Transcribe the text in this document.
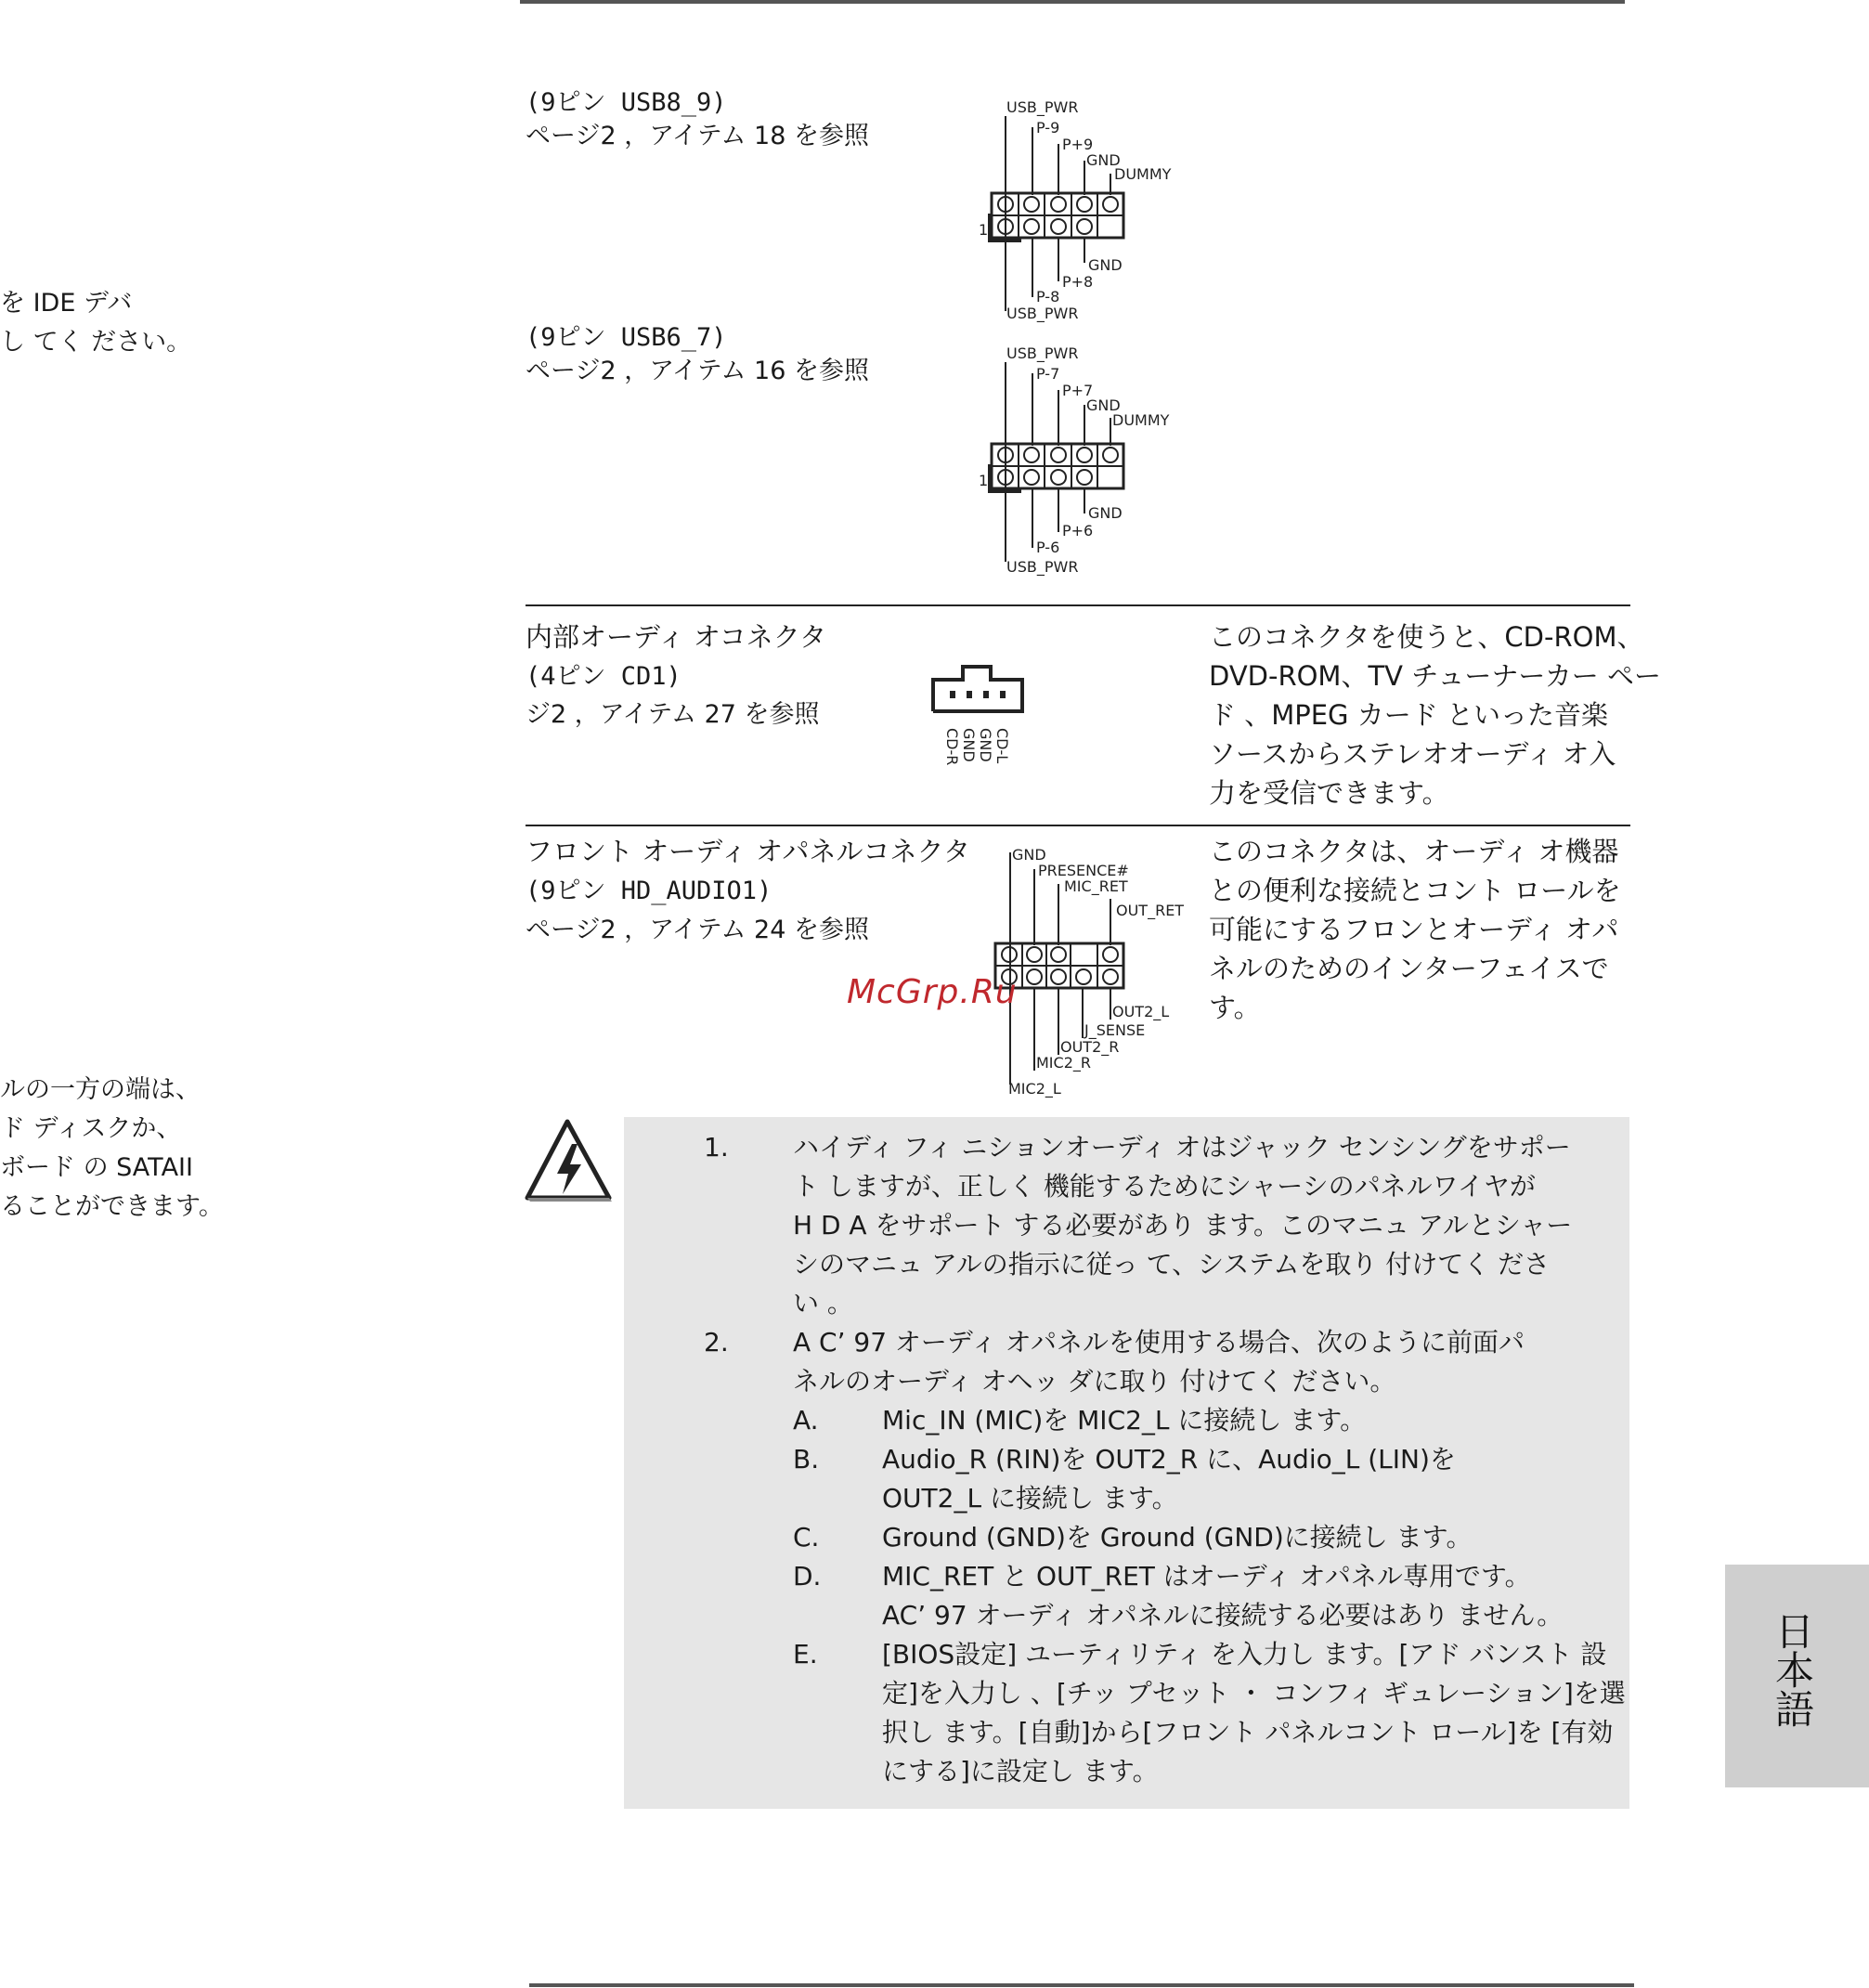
を IDE デバ
し てく ださい。
ルの一方の端は、
ド ディスクか、
ボード の SATAII
ることができます。
(9ピン USB8_9)
ページ2 ，アイテム 18 を参照
USB_PWR
P-9
P+9
GND
DUMMY
GND
P+8
P-8
USB_PWR
1
(9ピン USB6_7)
ページ2 ，アイテム 16 を参照
USB_PWR
P-7
P+7
GND
DUMMY
GND
P+6
P-6
USB_PWR
1
内部オーディ オコネクタ
(4ピン CD1)
ジ2 ，アイテム 27 を参照
CD-R GND GND CD-L
このコネクタを使うと、CD-ROM、
DVD-ROM、TV チューナーカー ペー
ド 、MPEG カード といった音楽
ソースからステレオオーディ オ入
力を受信できます。
フロント オーディ オパネルコネクタ
(9ピン HD_AUDIO1)
ページ2 ，アイテム 24 を参照
GND
PRESENCE#
MIC_RET
OUT_RET
OUT2_L
J_SENSE
OUT2_R
MIC2_R
MIC2_L
このコネクタは、オーディ オ機器
との便利な接続とコント ロールを
可能にするフロンとオーディ オパ
ネルのためのインターフェイスで
す。
McGrp.Ru
1. ハイディ フィ ニションオーディ オはジャック センシングをサポー
ト しますが、正しく 機能するためにシャーシのパネルワイヤが
H D A をサポート する必要があり ます。このマニュ アルとシャー
シのマニュ アルの指示に従っ て、システムを取り 付けてく ださ
い 。
2. A C’ 97 オーディ オパネルを使用する場合、次のように前面パ
ネルのオーディ オヘッ ダに取り 付けてく ださい。
A. Mic_IN (MIC)を MIC2_L に接続し ます。
B. Audio_R (RIN)を OUT2_R に、Audio_L (LIN)を
OUT2_L に接続し ます。
C. Ground (GND)を Ground (GND)に接続し ます。
D. MIC_RET と OUT_RET はオーディ オパネル専用です。
AC’ 97 オーディ オパネルに接続する必要はあり ません。
E. [BIOS設定] ユーティリティ を入力し ます。[アド バンスト 設
定]を入力し 、[チッ プセット ・ コンフィ ギュレーション]を選
択し ます。[自動]から[フロント パネルコント ロール]を [有効
にする]に設定し ます。
日本語
